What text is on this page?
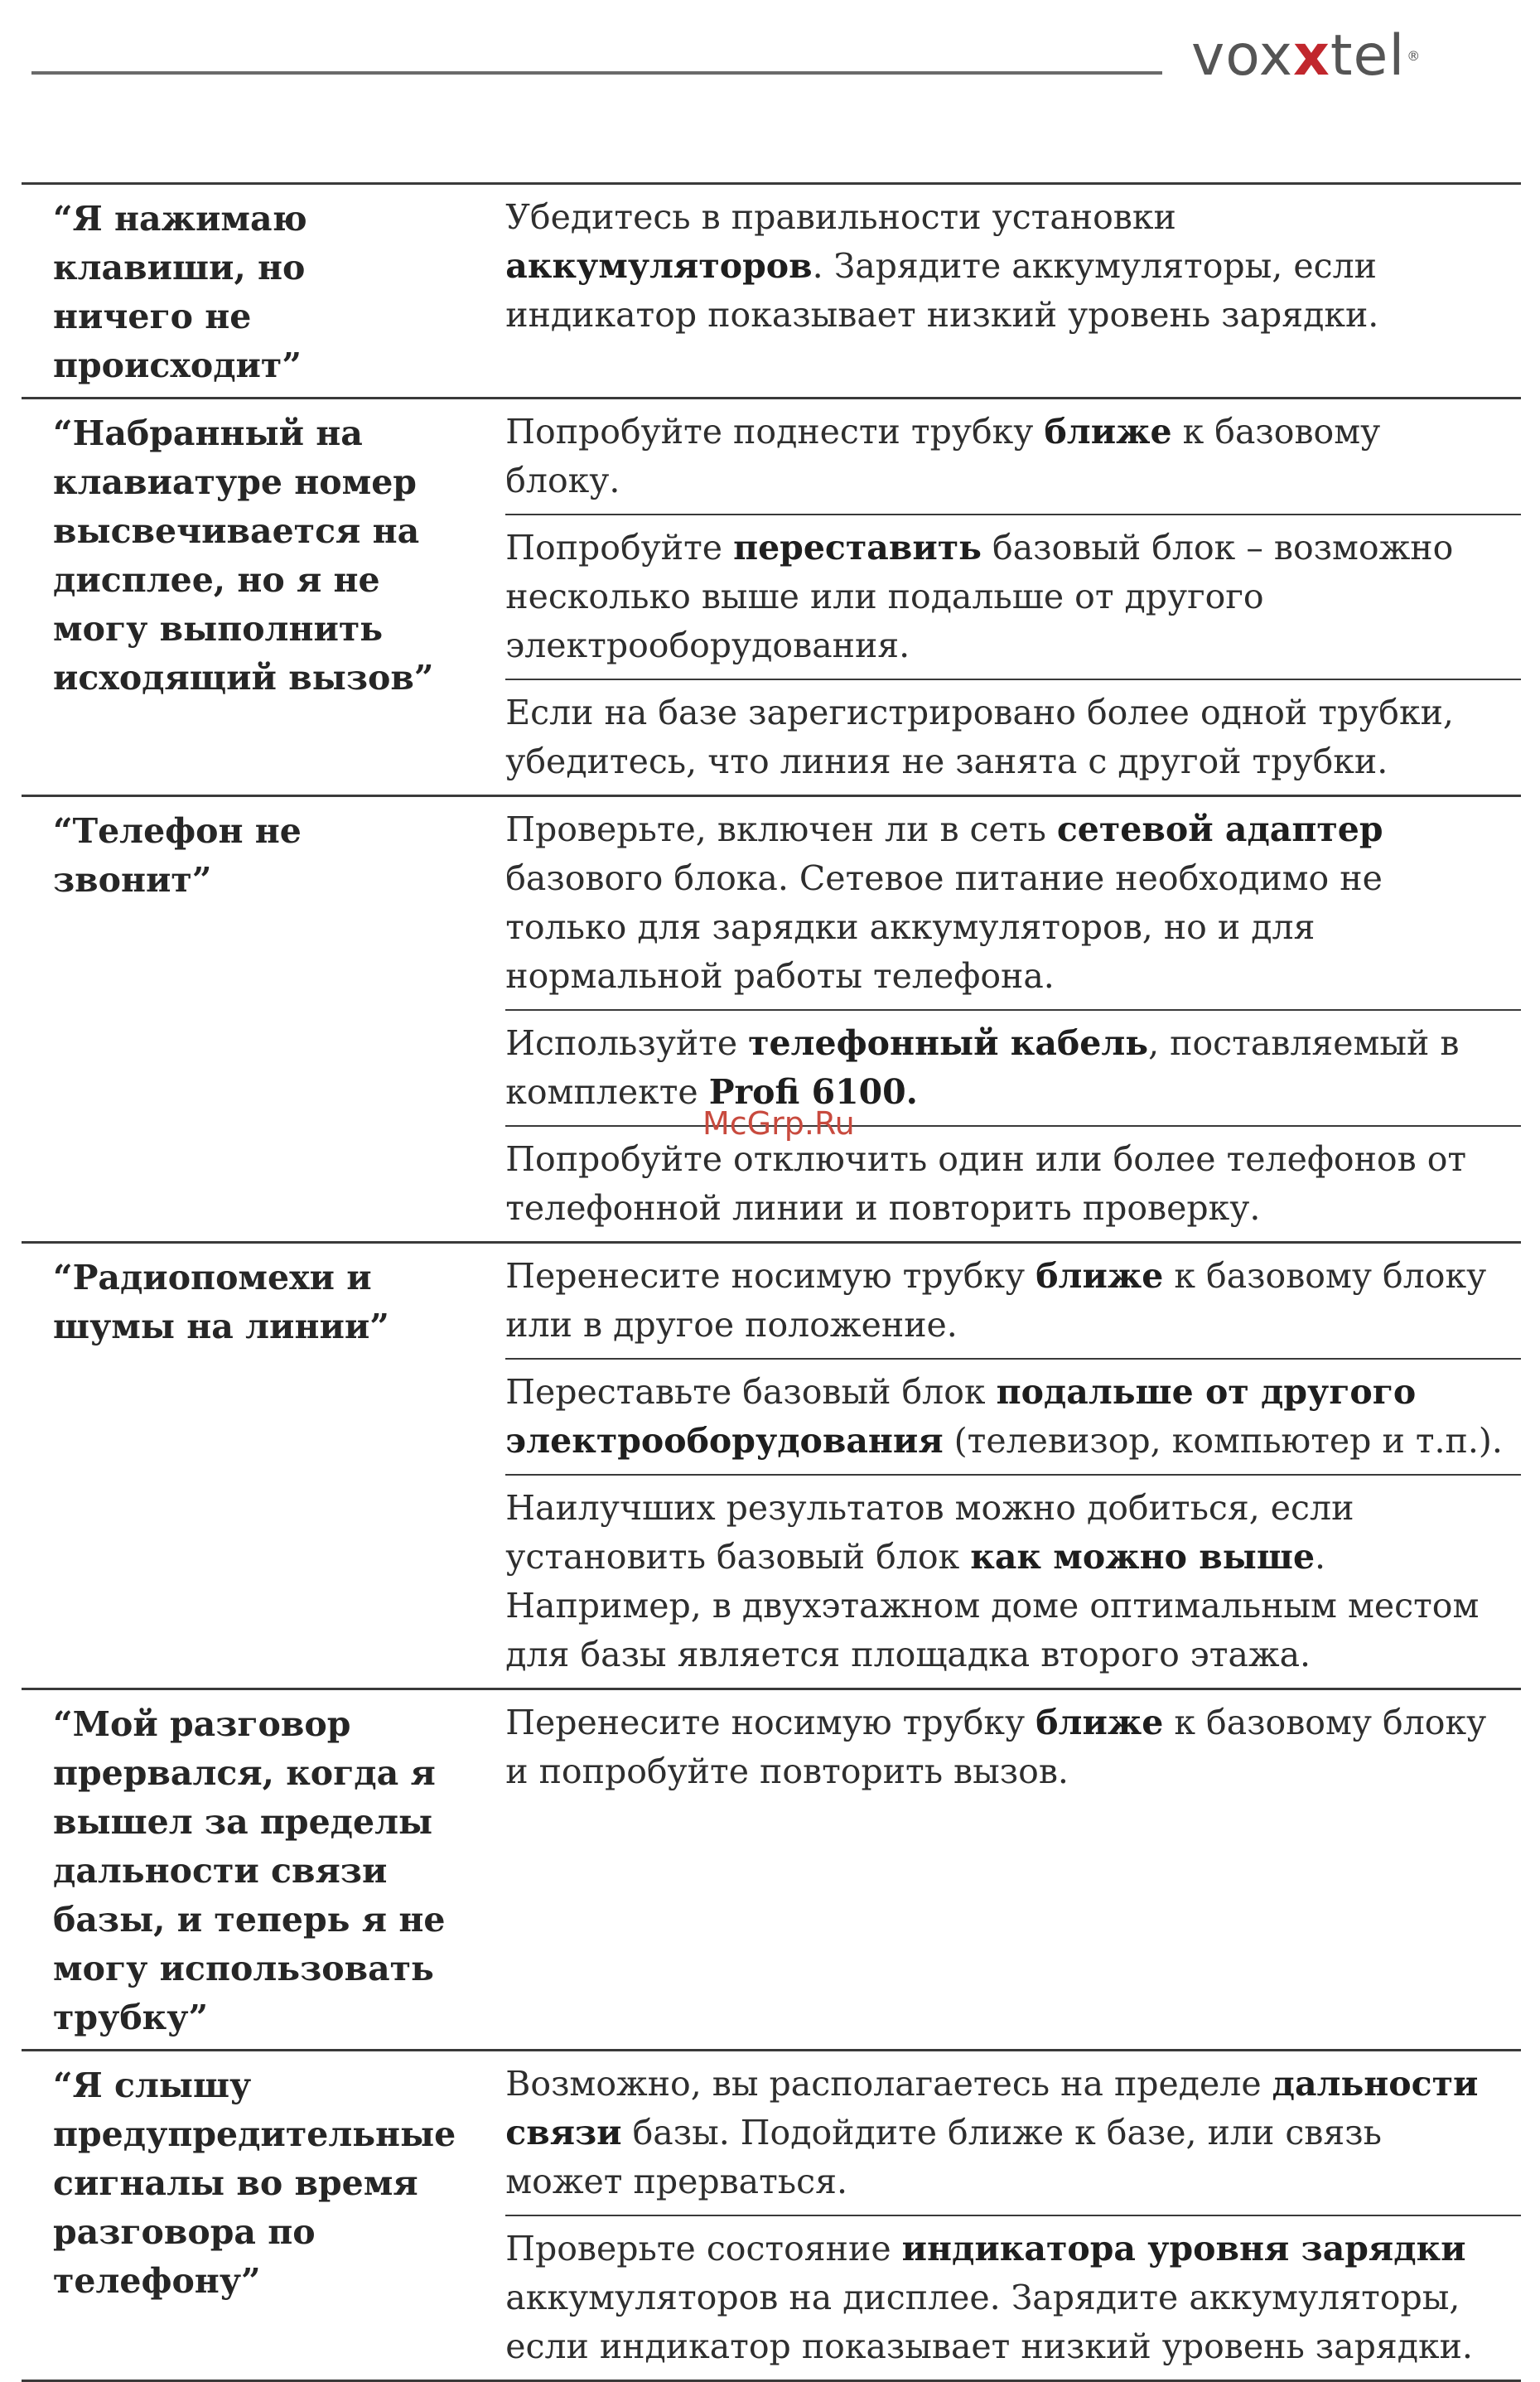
vox x tel ®
McGrp.Ru
“Я нажимаю клавиши, но ничего не происходит”	Убедитесь в правильности установки аккумуляторов. Зарядите аккумуляторы, если индикатор показывает низкий уровень зарядки.
“Набранный на клавиатуре номер высвечивается на дисплее, но я не могу выполнить исходящий вызов”	Попробуйте поднести трубку ближе к базовому блоку.
	Попробуйте переставить базовый блок – возможно несколько выше или подальше от другого электрооборудования.
	Если на базе зарегистрировано более одной трубки, убедитесь, что линия не занята с другой трубки.
“Телефон не звонит”	Проверьте, включен ли в сеть сетевой адаптер базового блока. Сетевое питание необходимо не только для зарядки аккумуляторов, но и для нормальной работы телефона.
	Используйте телефонный кабель, поставляемый в комплекте Profi 6100.
	Попробуйте отключить один или более телефонов от телефонной линии и повторить проверку.
“Радиопомехи и шумы на линии”	Перенесите носимую трубку ближе к базовому блоку или в другое положение.
	Переставьте базовый блок подальше от другого электрооборудования (телевизор, компьютер и т.п.).
	Наилучших результатов можно добиться, если установить базовый блок как можно выше. Например, в двухэтажном доме оптимальным местом для базы является площадка второго этажа.
“Мой разговор прервался, когда я вышел за пределы дальности связи базы, и теперь я не могу использовать трубку”	Перенесите носимую трубку ближе к базовому блоку и попробуйте повторить вызов.
“Я слышу предупредительные сигналы во время разговора по телефону”	Возможно, вы располагаетесь на пределе дальности связи базы. Подойдите ближе к базе, или связь может прерваться.
	Проверьте состояние индикатора уровня зарядки аккумуляторов на дисплее. Зарядите аккумуляторы, если индикатор показывает низкий уровень зарядки.
